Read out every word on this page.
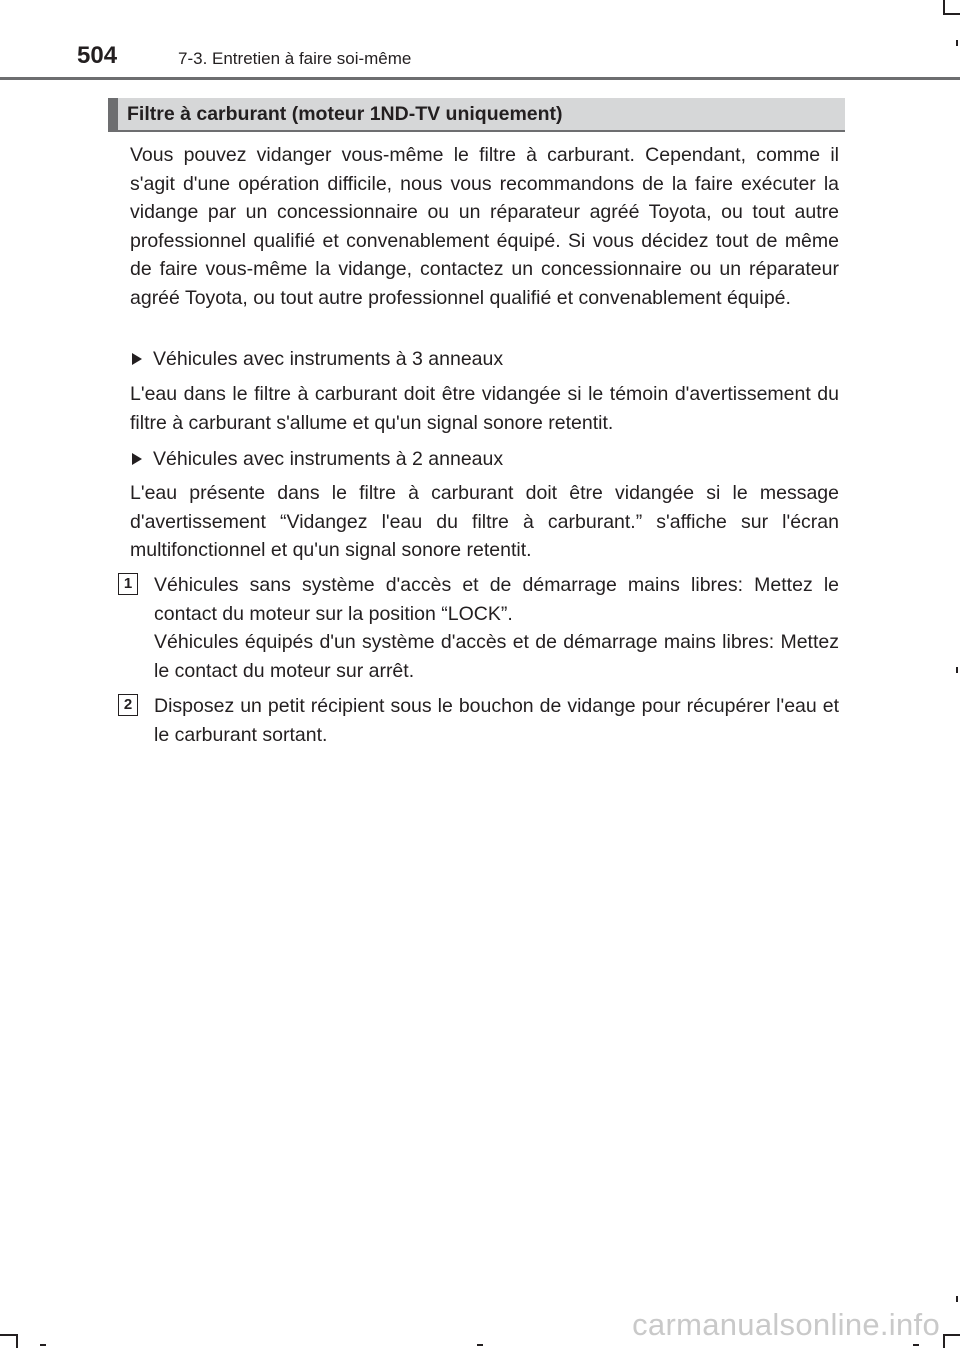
504	7-3. Entretien à faire soi-même
Filtre à carburant (moteur 1ND-TV uniquement)

Vous pouvez vidanger vous-même le filtre à carburant. Cependant, comme il s'agit d'une opération difficile, nous vous recommandons de la faire exécuter la vidange par un concessionnaire ou un réparateur agréé Toyota, ou tout autre professionnel qualifié et convenablement équipé. Si vous décidez tout de même de faire vous-même la vidange, contactez un concessionnaire ou un réparateur agréé Toyota, ou tout autre professionnel qualifié et convenablement équipé.

Véhicules avec instruments à 3 anneaux

L'eau dans le filtre à carburant doit être vidangée si le témoin d'avertissement du filtre à carburant s'allume et qu'un signal sonore retentit.

Véhicules avec instruments à 2 anneaux

L'eau présente dans le filtre à carburant doit être vidangée si le message d'avertissement “Vidangez l'eau du filtre à carburant.” s'affiche sur l'écran multifonctionnel et qu'un signal sonore retentit.

1 Véhicules sans système d'accès et de démarrage mains libres: Mettez le contact du moteur sur la position “LOCK”.

Véhicules équipés d'un système d'accès et de démarrage mains libres: Mettez le contact du moteur sur arrêt.

2 Disposez un petit récipient sous le bouchon de vidange pour récupérer l'eau et le carburant sortant.

carmanualsonline.info
